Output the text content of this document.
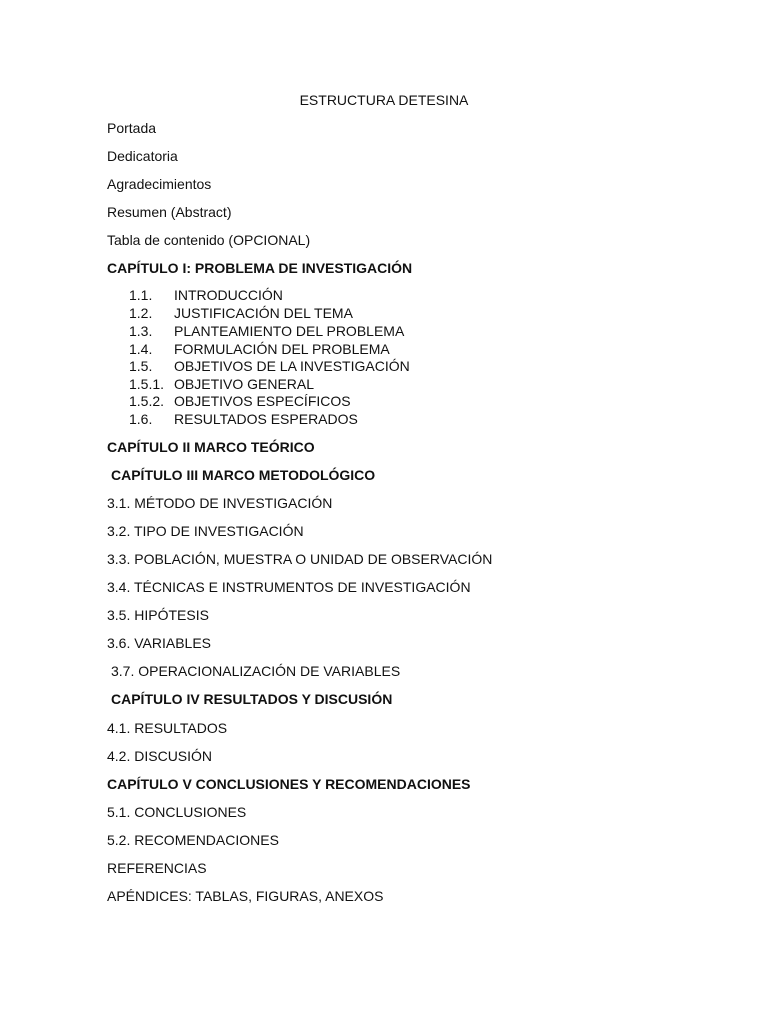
ESTRUCTURA DETESINA
Portada
Dedicatoria
Agradecimientos
Resumen (Abstract)
Tabla de contenido (OPCIONAL)
CAPÍTULO I: PROBLEMA DE INVESTIGACIÓN
1.1. INTRODUCCIÓN
1.2. JUSTIFICACIÓN DEL TEMA
1.3. PLANTEAMIENTO DEL PROBLEMA
1.4. FORMULACIÓN DEL PROBLEMA
1.5. OBJETIVOS DE LA INVESTIGACIÓN
1.5.1. OBJETIVO GENERAL
1.5.2. OBJETIVOS ESPECÍFICOS
1.6. RESULTADOS ESPERADOS
CAPÍTULO II MARCO TEÓRICO
CAPÍTULO III MARCO METODOLÓGICO
3.1. MÉTODO DE INVESTIGACIÓN
3.2. TIPO DE INVESTIGACIÓN
3.3. POBLACIÓN, MUESTRA O UNIDAD DE OBSERVACIÓN
3.4. TÉCNICAS E INSTRUMENTOS DE INVESTIGACIÓN
3.5. HIPÓTESIS
3.6. VARIABLES
3.7. OPERACIONALIZACIÓN DE VARIABLES
CAPÍTULO IV RESULTADOS Y DISCUSIÓN
4.1. RESULTADOS
4.2. DISCUSIÓN
CAPÍTULO V CONCLUSIONES Y RECOMENDACIONES
5.1. CONCLUSIONES
5.2. RECOMENDACIONES
REFERENCIAS
APÉNDICES: TABLAS, FIGURAS, ANEXOS
